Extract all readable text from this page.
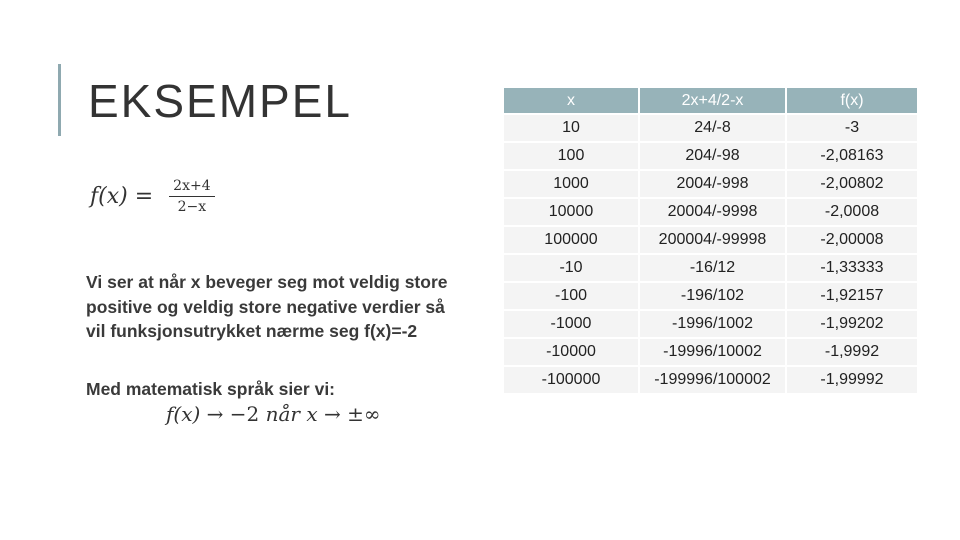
EKSEMPEL
$f(x) = \frac{2x+4}{2-x}$
Vi ser at når x beveger seg mot veldig store positive og veldig store negative verdier så vil funksjonsutrykket nærme seg f(x)=-2
Med matematisk språk sier vi:
f(x) → −2 når x → ±∞
x	2x+4/2-x	f(x)
10	24/-8	-3
100	204/-98	-2,08163
1000	2004/-998	-2,00802
10000	20004/-9998	-2,0008
100000	200004/-99998	-2,00008
-10	-16/12	-1,33333
-100	-196/102	-1,92157
-1000	-1996/1002	-1,99202
-10000	-19996/10002	-1,9992
-100000	-199996/100002	-1,99992
